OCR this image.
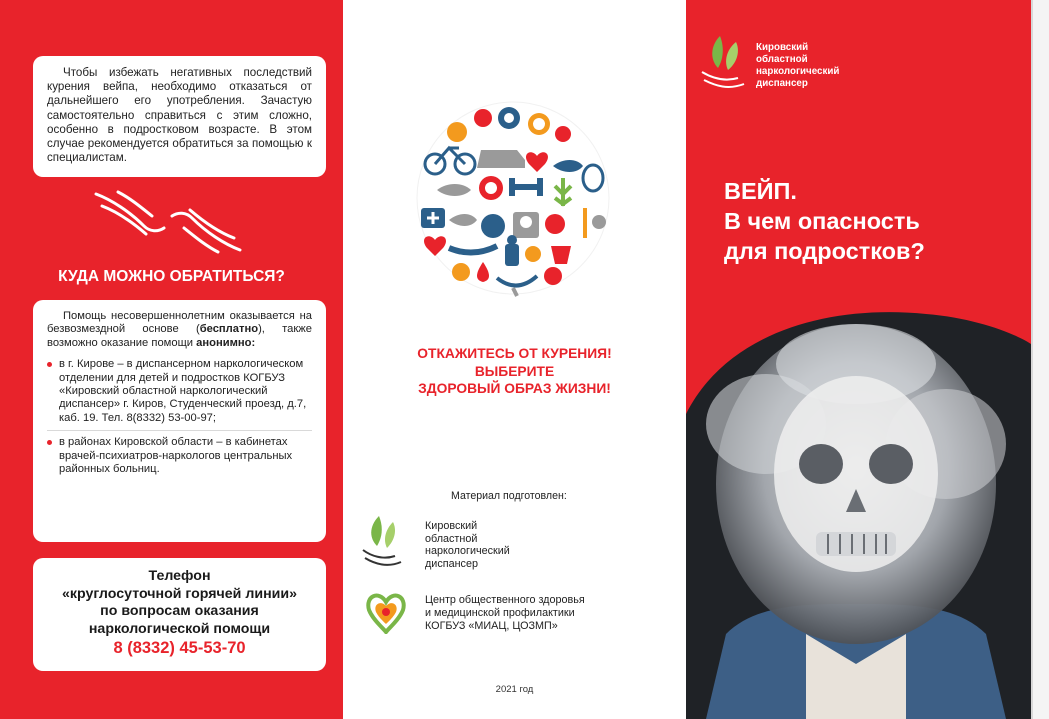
Чтобы избежать негативных последствий курения вейпа, необходимо отказаться от дальнейшего его употребления. Зачастую самостоятельно справиться с этим сложно, особенно в подростковом возрасте. В этом случае рекомендуется обратиться за помощью к специалистам.
КУДА МОЖНО ОБРАТИТЬСЯ?
Помощь несовершеннолетним оказывается на безвозмездной основе (бесплатно), также возможно оказание помощи анонимно:
в г. Кирове – в диспансерном наркологическом отделении для детей и подростков КОГБУЗ «Кировский областной наркологический диспансер» г. Киров, Студенческий проезд, д.7, каб. 19. Тел. 8(8332) 53-00-97;
в районах Кировской области – в кабинетах врачей-психиатров-наркологов центральных районных больниц.
Телефон
«круглосуточной горячей линии»
по вопросам оказания
наркологической помощи
8 (8332) 45-53-70
ОТКАЖИТЕСЬ ОТ КУРЕНИЯ!
ВЫБЕРИТЕ
ЗДОРОВЫЙ ОБРАЗ ЖИЗНИ!
Материал подготовлен:
Кировский
областной
наркологический
диспансер
Центр общественного здоровья
и медицинской профилактики
КОГБУЗ «МИАЦ, ЦОЗМП»
2021 год
Кировский
областной
наркологический
диспансер
ВЕЙП.
В чем опасность
для подростков?
